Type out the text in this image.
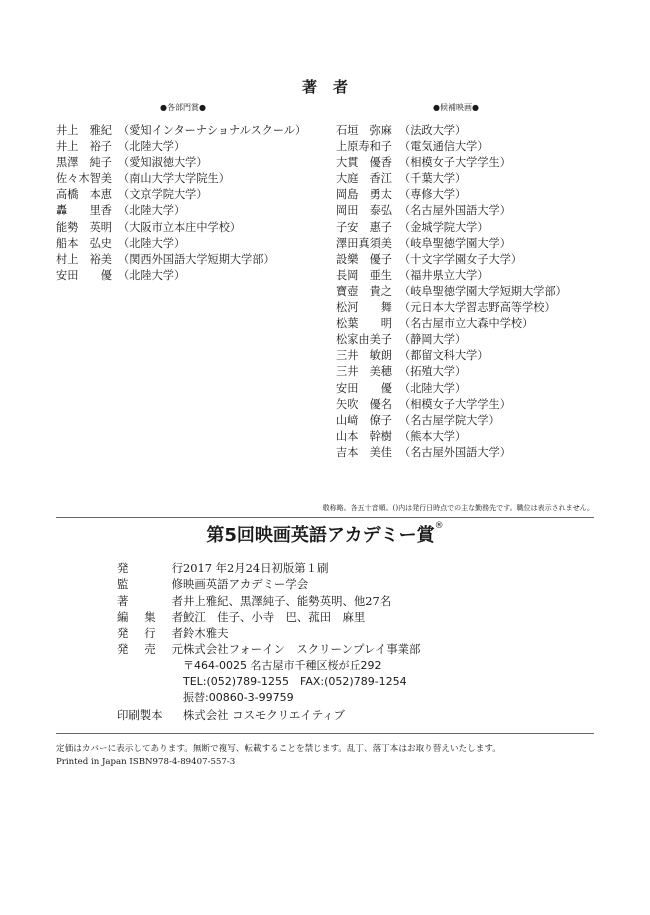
著者
●各部門賞●	●候補映画●
井上　雅紀 （愛知インターナショナルスクール）
井上　裕子 （北陸大学）
黒澤　純子 （愛知淑徳大学）
佐々木智美 （南山大学大学院生）
高橋　本恵 （文京学院大学）
轟　　里香 （北陸大学）
能勢　英明 （大阪市立本庄中学校）
船本　弘史 （北陸大学）
村上　裕美 （関西外国語大学短期大学部）
安田　　優 （北陸大学）
石垣　弥麻 （法政大学）
上原寿和子 （電気通信大学）
大貫　優香 （相模女子大学学生）
大庭　香江 （千葉大学）
岡島　勇太 （専修大学）
岡田　泰弘 （名古屋外国語大学）
子安　惠子 （金城学院大学）
澤田真須美 （岐阜聖徳学園大学）
設樂　優子 （十文字学園女子大学）
長岡　亜生 （福井県立大学）
寶壺　貴之 （岐阜聖徳学園大学短期大学部）
松河　　舞 （元日本大学習志野高等学校）
松葉　　明 （名古屋市立大森中学校）
松家由美子 （静岡大学）
三井　敏朗 （都留文科大学）
三井　美穂 （拓殖大学）
安田　　優 （北陸大学）
矢吹　優名 （相模女子大学学生）
山﨑　僚子 （名古屋学院大学）
山本　幹樹 （熊本大学）
吉本　美佳 （名古屋外国語大学）
敬称略。各五十音順。()内は発行日時点での主な勤務先です。職位は表示されません。
第5回映画英語アカデミー賞®
発	行 2017 年2月24日初版第１刷
監	修 映画英語アカデミー学会
著	者 井上雅紀、黒澤純子、能勢英明、他27名
編 集 者 鮫江　佳子、小寺　巴、菰田　麻里
発 行 者 鈴木雅夫
発 売 元 株式会社フォーイン　スクリーンプレイ事業部
〒464-0025 名古屋市千種区桜が丘292
TEL:(052)789-1255　FAX:(052)789-1254
振替:00860-3-99759
印刷製本 株式会社 コスモクリエイティブ
定価はカバーに表示してあります。無断で複写、転載することを禁じます。乱丁、落丁本はお取り替えいたします。
Printed in Japan ISBN978-4-89407-557-3
